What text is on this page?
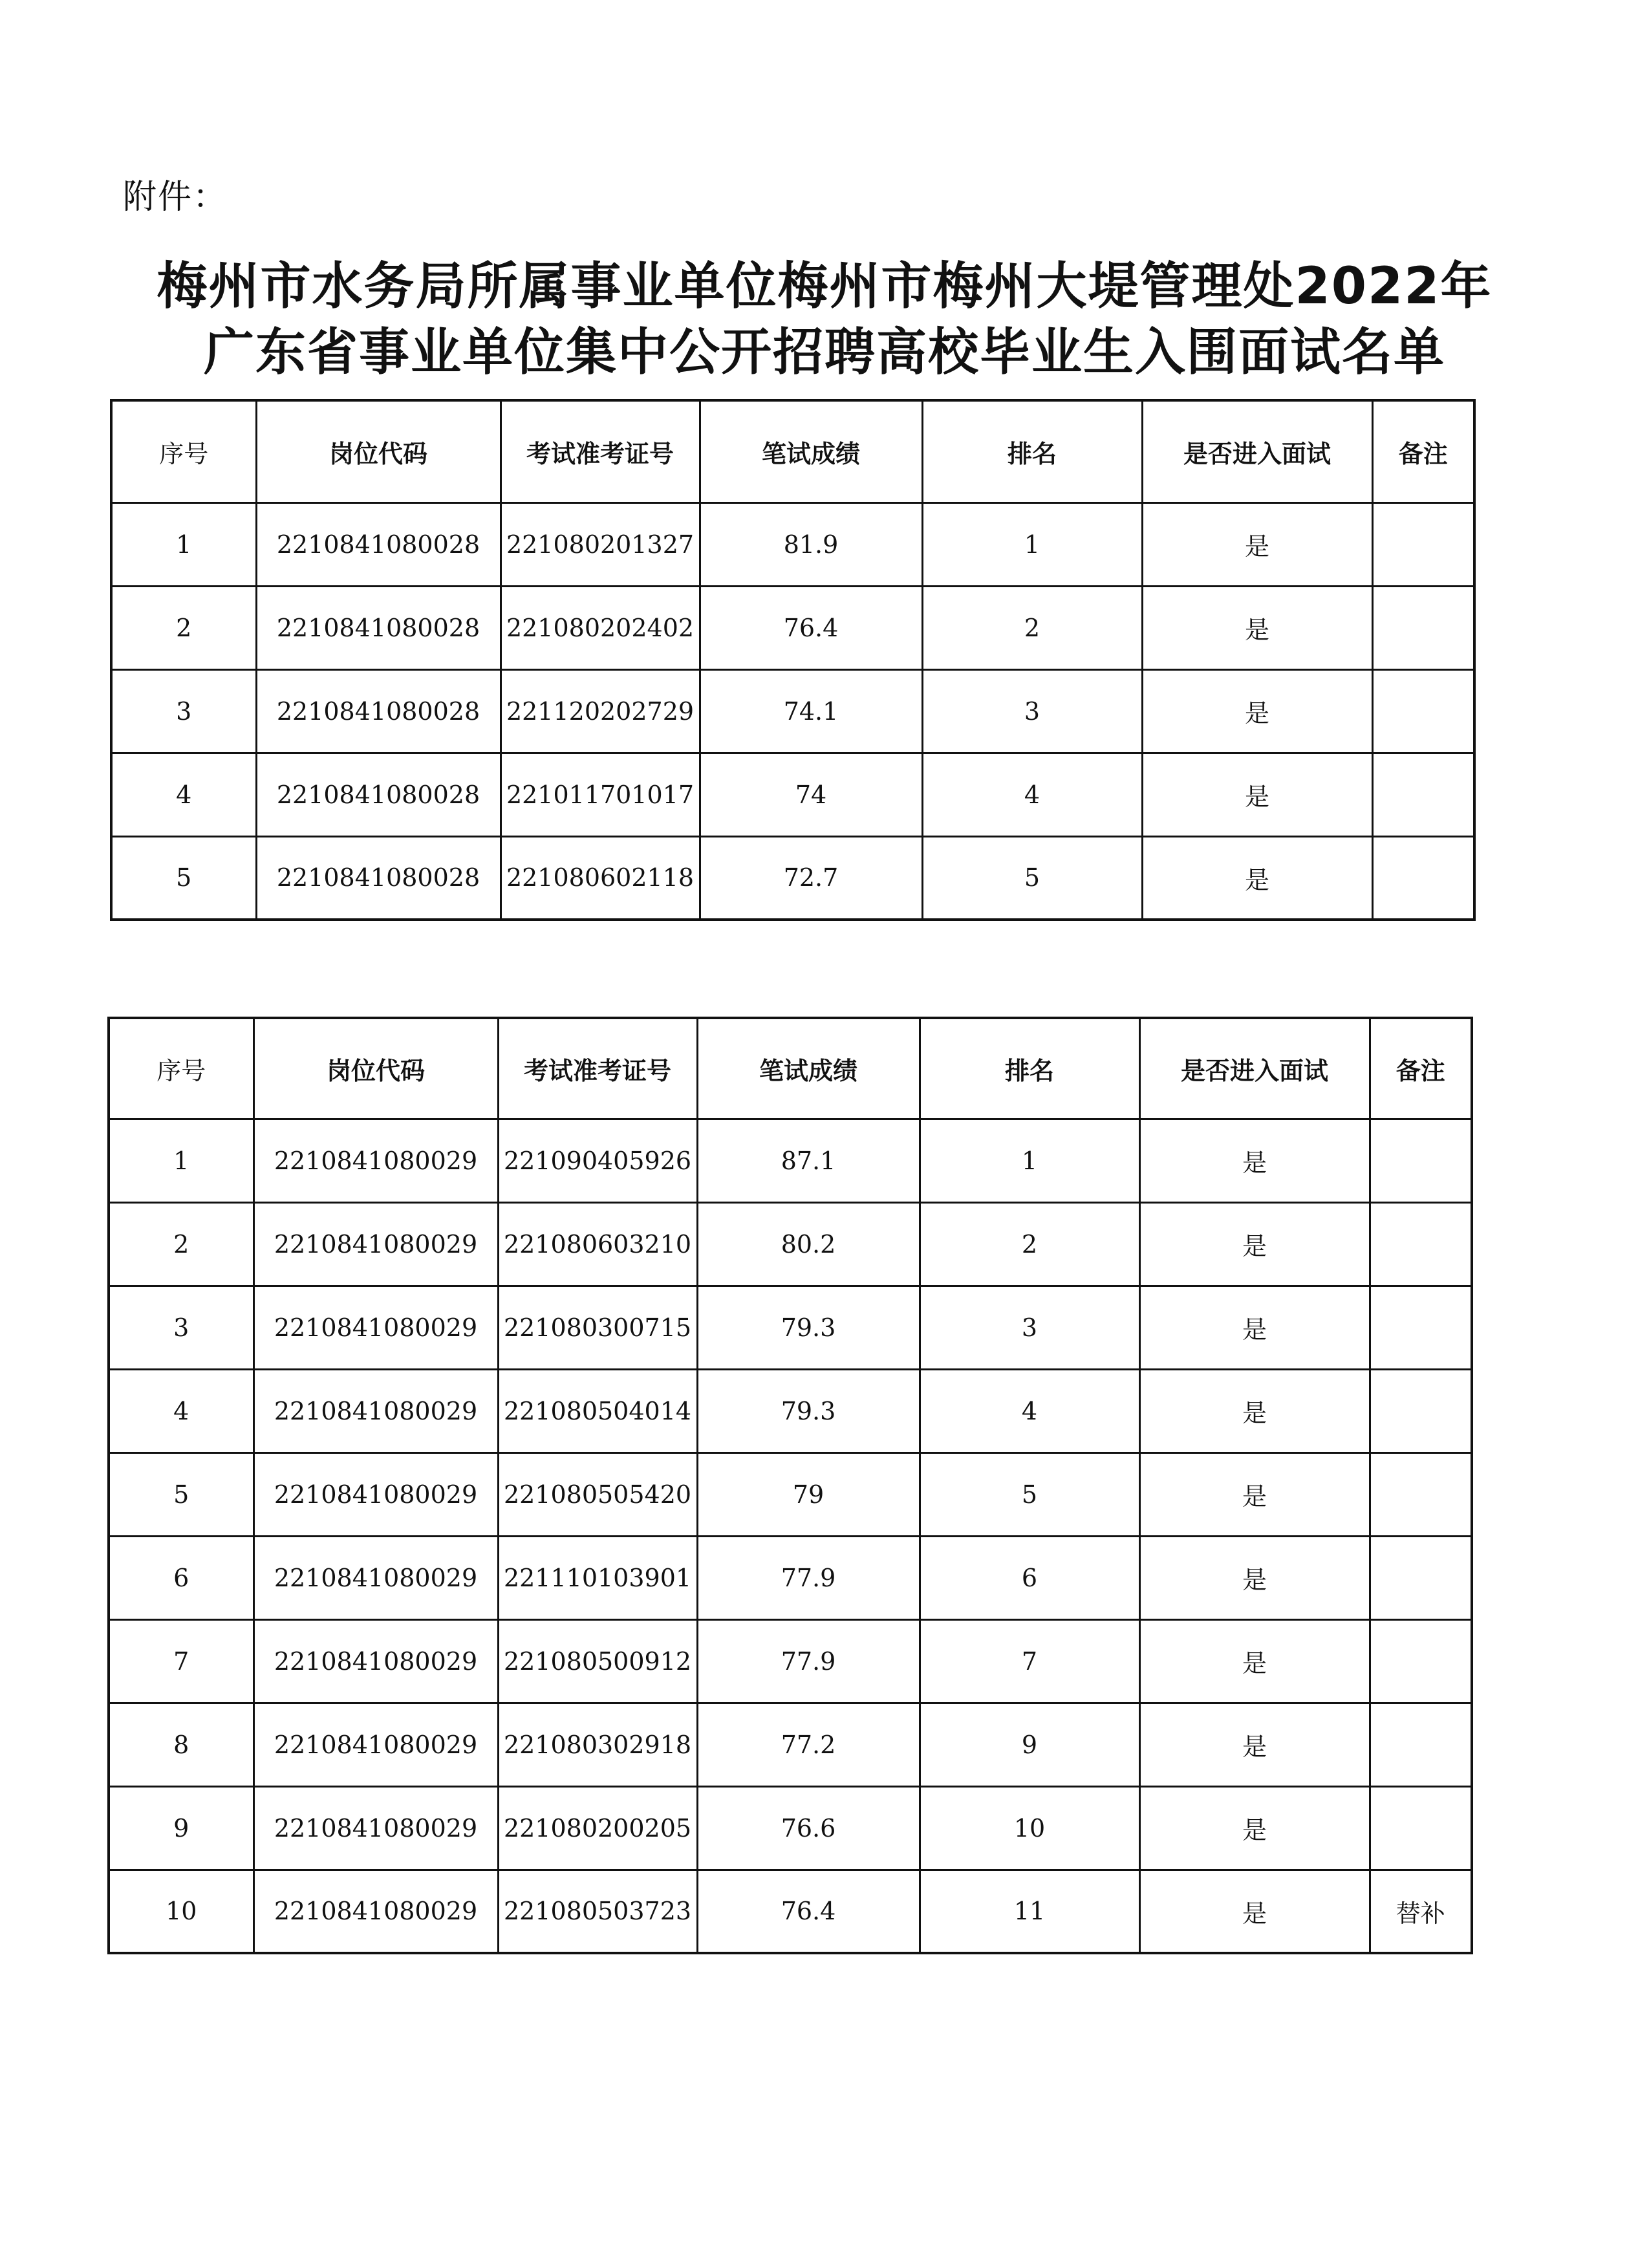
附件：
梅州市水务局所属事业单位梅州市梅州大堤管理处2022年
广东省事业单位集中公开招聘高校毕业生入围面试名单
序号	岗位代码	考试准考证号	笔试成绩	排名	是否进入面试	备注
1	2210841080028	221080201327	81.9	1	是	
2	2210841080028	221080202402	76.4	2	是	
3	2210841080028	221120202729	74.1	3	是	
4	2210841080028	221011701017	74	4	是	
5	2210841080028	221080602118	72.7	5	是	
序号	岗位代码	考试准考证号	笔试成绩	排名	是否进入面试	备注
1	2210841080029	221090405926	87.1	1	是	
2	2210841080029	221080603210	80.2	2	是	
3	2210841080029	221080300715	79.3	3	是	
4	2210841080029	221080504014	79.3	4	是	
5	2210841080029	221080505420	79	5	是	
6	2210841080029	221110103901	77.9	6	是	
7	2210841080029	221080500912	77.9	7	是	
8	2210841080029	221080302918	77.2	9	是	
9	2210841080029	221080200205	76.6	10	是	
10	2210841080029	221080503723	76.4	11	是	替补
